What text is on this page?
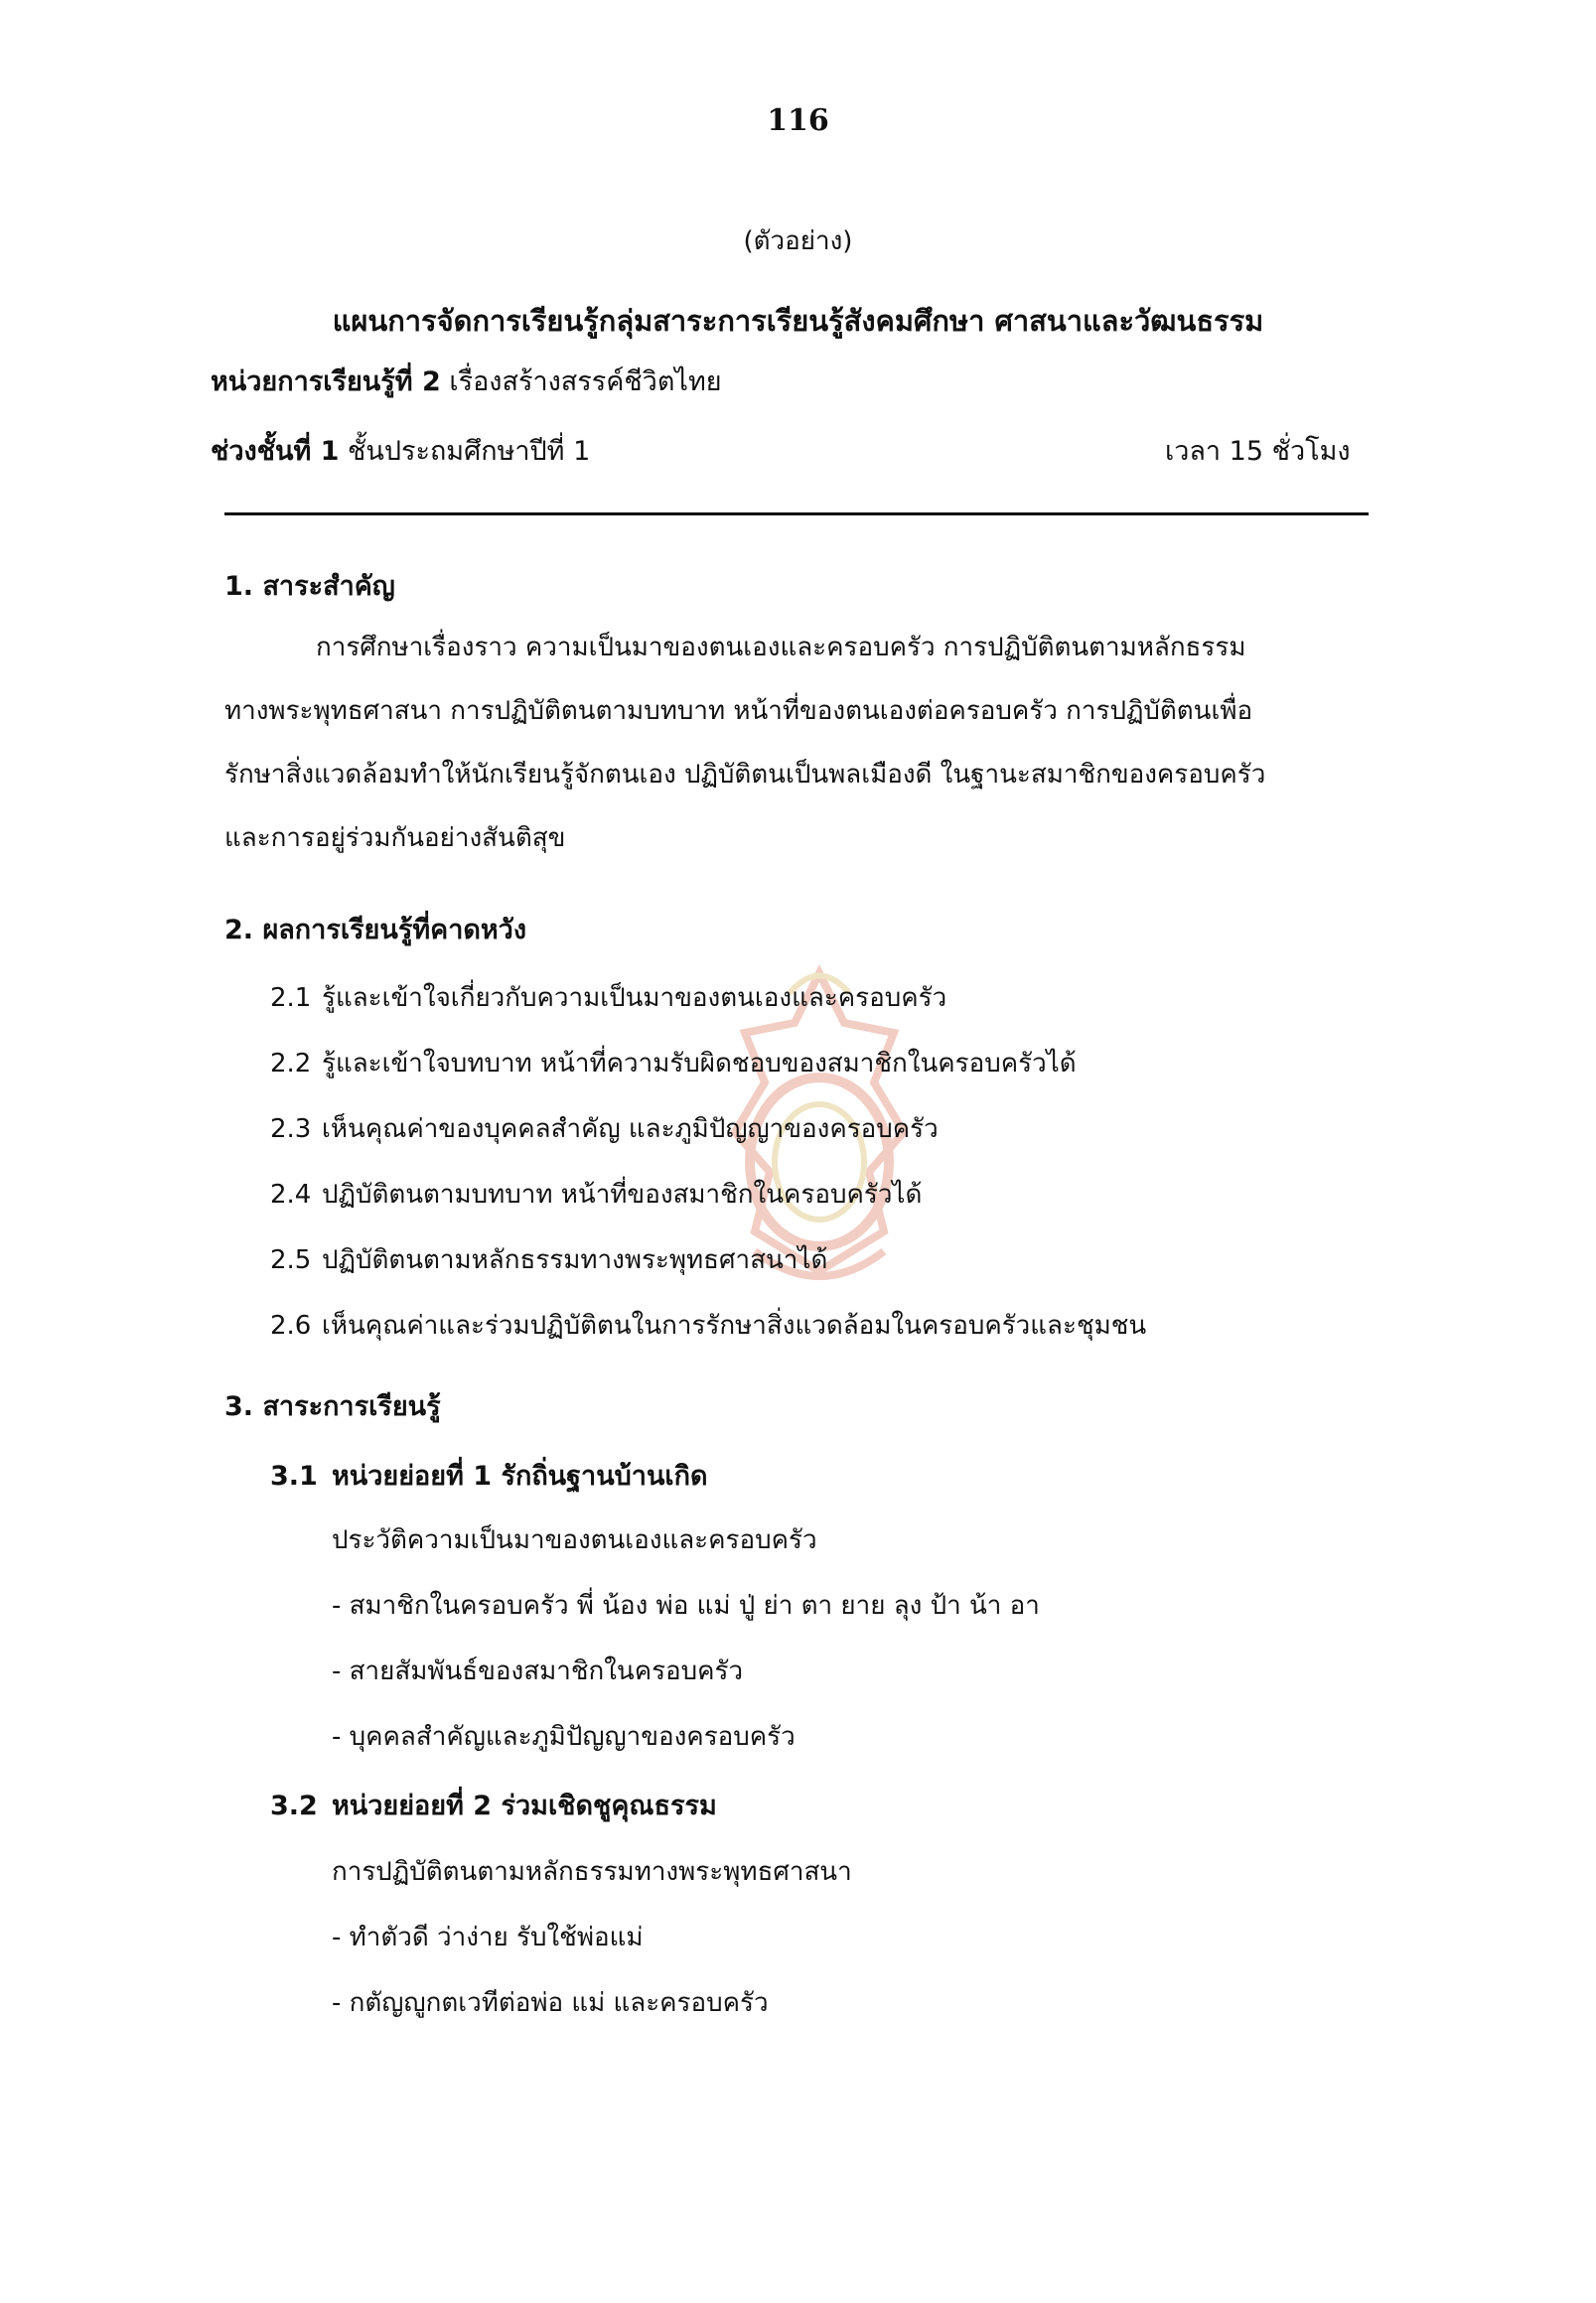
116
(ตัวอย่าง)
แผนการจัดการเรียนรู้กลุ่มสาระการเรียนรู้สังคมศึกษา ศาสนาและวัฒนธรรม
หน่วยการเรียนรู้ที่ 2 เรื่องสร้างสรรค์ชีวิตไทย
ช่วงชั้นที่ 1 ชั้นประถมศึกษาปีที่ 1	เวลา 15 ชั่วโมง
1. สาระสำคัญ

การศึกษาเรื่องราว ความเป็นมาของตนเองและครอบครัว การปฏิบัติตนตามหลักธรรม

ทางพระพุทธศาสนา การปฏิบัติตนตามบทบาท หน้าที่ของตนเองต่อครอบครัว การปฏิบัติตนเพื่อ

รักษาสิ่งแวดล้อมทำให้นักเรียนรู้จักตนเอง ปฏิบัติตนเป็นพลเมืองดี ในฐานะสมาชิกของครอบครัว

และการอยู่ร่วมกันอย่างสันติสุข

2. ผลการเรียนรู้ที่คาดหวัง
2.1 รู้และเข้าใจเกี่ยวกับความเป็นมาของตนเองและครอบครัว
2.2 รู้และเข้าใจบทบาท หน้าที่ความรับผิดชอบของสมาชิกในครอบครัวได้
2.3 เห็นคุณค่าของบุคคลสำคัญ และภูมิปัญญาของครอบครัว
2.4 ปฏิบัติตนตามบทบาท หน้าที่ของสมาชิกในครอบครัวได้
2.5 ปฏิบัติตนตามหลักธรรมทางพระพุทธศาสนาได้
2.6 เห็นคุณค่าและร่วมปฏิบัติตนในการรักษาสิ่งแวดล้อมในครอบครัวและชุมชน
3. สาระการเรียนรู้
3.1 หน่วยย่อยที่ 1 รักถิ่นฐานบ้านเกิด
ประวัติความเป็นมาของตนเองและครอบครัว
- สมาชิกในครอบครัว พี่ น้อง พ่อ แม่ ปู่ ย่า ตา ยาย ลุง ป้า น้า อา
- สายสัมพันธ์ของสมาชิกในครอบครัว
- บุคคลสำคัญและภูมิปัญญาของครอบครัว
3.2 หน่วยย่อยที่ 2 ร่วมเชิดชูคุณธรรม
การปฏิบัติตนตามหลักธรรมทางพระพุทธศาสนา
- ทำตัวดี ว่าง่าย รับใช้พ่อแม่
- กตัญญูกตเวทีต่อพ่อ แม่ และครอบครัว
